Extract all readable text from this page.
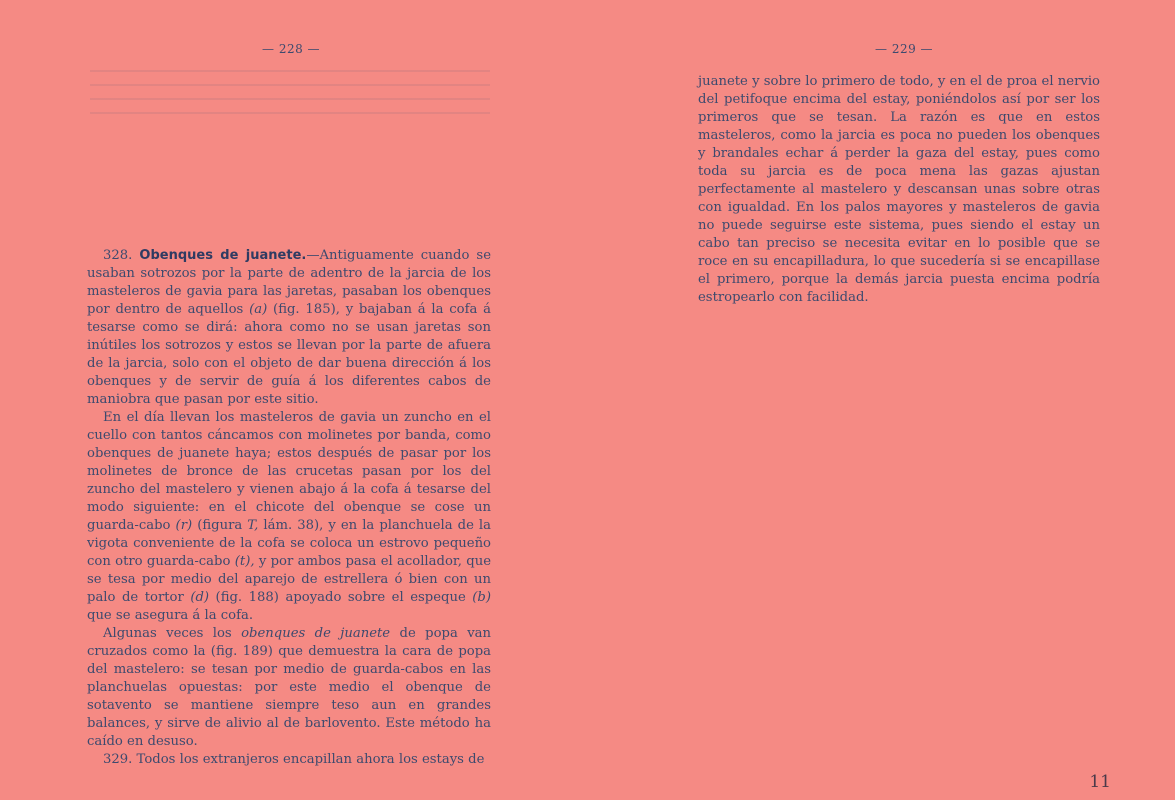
— 228 —

328. Obenques de juanete.—Antiguamente cuando se usaban sotrozos por la parte de adentro de la jarcia de los masteleros de gavia para las jaretas, pasaban los obenques por dentro de aquellos (a) (fig. 185), y bajaban á la cofa á tesarse como se dirá: ahora como no se usan jaretas son inútiles los sotrozos y estos se llevan por la parte de afuera de la jarcia, solo con el objeto de dar buena dirección á los obenques y de servir de guía á los diferentes cabos de maniobra que pasan por este sitio.

En el día llevan los masteleros de gavia un zuncho en el cuello con tantos cáncamos con molinetes por banda, como obenques de juanete haya; estos después de pasar por los molinetes de bronce de las crucetas pasan por los del zuncho del mastelero y vienen abajo á la cofa á tesarse del modo siguiente: en el chicote del obenque se cose un guarda-cabo (r) (figura T, lám. 38), y en la planchuela de la vigota conveniente de la cofa se coloca un estrovo pequeño con otro guarda-cabo (t), y por ambos pasa el acollador, que se tesa por medio del aparejo de estrellera ó bien con un palo de tortor (d) (fig. 188) apoyado sobre el espeque (b) que se asegura á la cofa.

Algunas veces los obenques de juanete de popa van cruzados como la (fig. 189) que demuestra la cara de popa del mastelero: se tesan por medio de guarda-cabos en las planchuelas opuestas: por este medio el obenque de sotavento se mantiene siempre teso aun en grandes balances, y sirve de alivio al de barlovento. Este método ha caído en desuso.

329. Todos los extranjeros encapillan ahora los estays de

— 229 —

juanete y sobre lo primero de todo, y en el de proa el nervio del petifoque encima del estay, poniéndolos así por ser los primeros que se tesan. La razón es que en estos masteleros, como la jarcia es poca no pueden los obenques y brandales echar á perder la gaza del estay, pues como toda su jarcia es de poca mena las gazas ajustan perfectamente al mastelero y descansan unas sobre otras con igualdad. En los palos mayores y masteleros de gavia no puede seguirse este sistema, pues siendo el estay un cabo tan preciso se necesita evitar en lo posible que se roce en su encapilladura, lo que sucedería si se encapillase el primero, porque la demás jarcia puesta encima podría estropearlo con facilidad.

11
